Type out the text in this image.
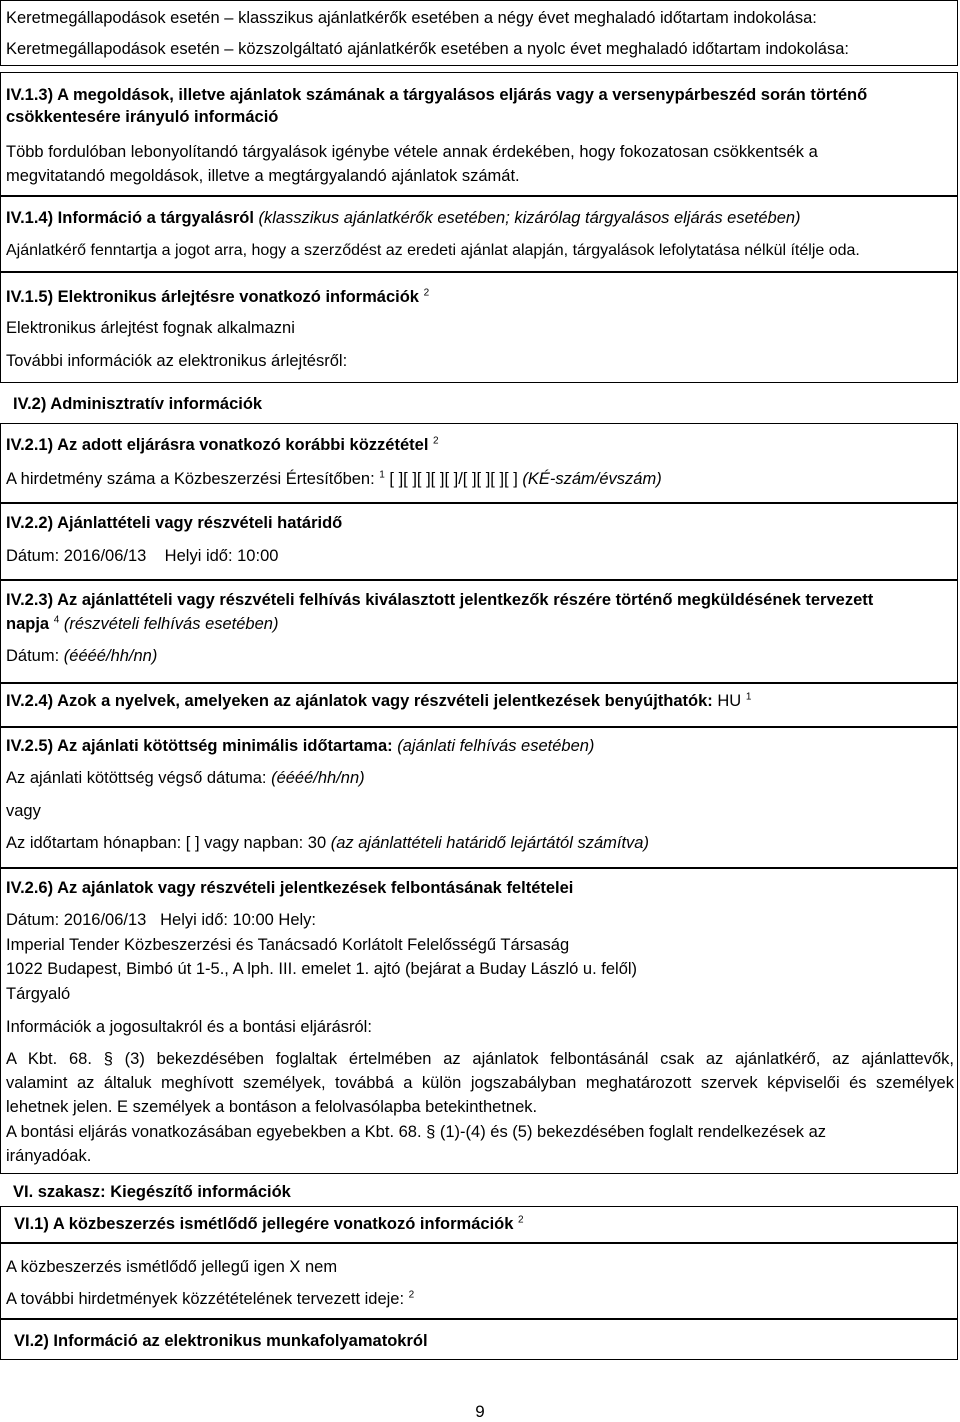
Keretmegállapodások esetén – klasszikus ajánlatkérők esetében a négy évet meghaladó időtartam indokolása:
Keretmegállapodások esetén – közszolgáltató ajánlatkérők esetében a nyolc évet meghaladó időtartam indokolása:
IV.1.3) A megoldások, illetve ajánlatok számának a tárgyalásos eljárás vagy a versenypárbeszéd során történő
csökkentesére irányuló információ
Több fordulóban lebonyolítandó tárgyalások igénybe vétele annak érdekében, hogy fokozatosan csökkentsék a
megvitatandó megoldások, illetve a megtárgyalandó ajánlatok számát.
IV.1.4) Információ a tárgyalásról (klasszikus ajánlatkérők esetében; kizárólag tárgyalásos eljárás esetében)
Ajánlatkérő fenntartja a jogot arra, hogy a szerződést az eredeti ajánlat alapján, tárgyalások lefolytatása nélkül ítélje oda.
IV.1.5) Elektronikus árlejtésre vonatkozó információk $^2$
Elektronikus árlejtést fognak alkalmazni
További információk az elektronikus árlejtésről:
IV.2) Adminisztratív információk
IV.2.1) Az adott eljárásra vonatkozó korábbi közzététel $^2$
A hirdetmény száma a Közbeszerzési Értesítőben: $^1$ [ ][ ][ ][ ][ ]/[ ][ ][ ][ ] (KÉ-szám/évszám)
IV.2.2) Ajánlattételi vagy részvételi határidő
Dátum: 2016/06/13    Helyi idő: 10:00
IV.2.3) Az ajánlattételi vagy részvételi felhívás kiválasztott jelentkezők részére történő megküldésének tervezett
napja $^4$ (részvételi felhívás esetében)
Dátum: (éééé/hh/nn)
IV.2.4) Azok a nyelvek, amelyeken az ajánlatok vagy részvételi jelentkezések benyújthatók: HU $^1$
IV.2.5) Az ajánlati kötöttség minimális időtartama: (ajánlati felhívás esetében)
Az ajánlati kötöttség végső dátuma: (éééé/hh/nn)
vagy
Az időtartam hónapban: [ ] vagy napban: 30 (az ajánlattételi határidő lejártától számítva)
IV.2.6) Az ajánlatok vagy részvételi jelentkezések felbontásának feltételei
Dátum: 2016/06/13   Helyi idő: 10:00 Hely:
Imperial Tender Közbeszerzési és Tanácsadó Korlátolt Felelősségű Társaság
1022 Budapest, Bimbó út 1-5., A lph. III. emelet 1. ajtó (bejárat a Buday László u. felől)
Tárgyaló
Információk a jogosultakról és a bontási eljárásról:
A Kbt. 68. § (3) bekezdésében foglaltak értelmében az ajánlatok felbontásánál csak az ajánlatkérő, az ajánlattevők,
valamint az általuk meghívott személyek, továbbá a külön jogszabályban meghatározott szervek képviselői és személyek
lehetnek jelen. E személyek a bontáson a felolvasólapba betekinthetnek.
A bontási eljárás vonatkozásában egyebekben a Kbt. 68. § (1)-(4) és (5) bekezdésében foglalt rendelkezések az
irányadóak.
VI. szakasz: Kiegészítő információk
VI.1) A közbeszerzés ismétlődő jellegére vonatkozó információk $^2$
A közbeszerzés ismétlődő jellegű igen X nem
A további hirdetmények közzétételének tervezett ideje: $^2$
VI.2) Információ az elektronikus munkafolyamatokról
9
